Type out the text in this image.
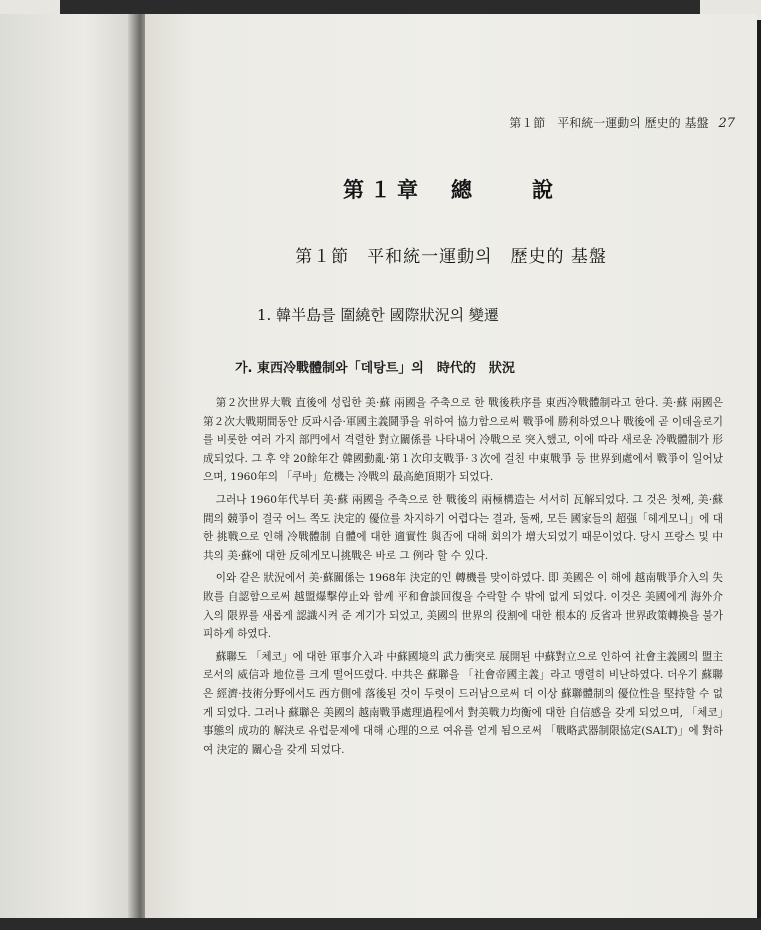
第１節　平和統一運動의 歷史的 基盤 27
第１章　總　　說
第１節　平和統一運動의　歷史的 基盤
1. 韓半島를 圍繞한 國際狀況의 變遷
가. 東西冷戰體制와「데탕트」의　時代的　狀況

第２次世界大戰 直後에 성립한 美·蘇 兩國을 주축으로 한 戰後秩序를 東西冷戰體制라고 한다. 美·蘇 兩國은 第２次大戰期間동안 反파시즘·軍國主義鬪爭을 위하여 協力함으로써 戰爭에 勝利하였으나 戰後에 곧 이데올로기를 비롯한 여러 가지 部門에서 격렬한 對立關係를 나타내어 冷戰으로 突入했고, 이에 따라 새로운 冷戰體制가 形成되었다. 그 후 약 20餘年간 韓國動亂·第１次印支戰爭·３次에 걸친 中東戰爭 등 世界到處에서 戰爭이 일어났으며, 1960年의 「쿠바」危機는 冷戰의 最高絶頂期가 되었다.

그러나 1960年代부터 美·蘇 兩國을 주축으로 한 戰後의 兩極構造는 서서히 瓦解되었다. 그 것은 첫째, 美·蘇間의 競爭이 결국 어느 쪽도 決定的 優位를 차지하기 어렵다는 결과, 둘째, 모든 國家들의 超强「헤게모니」에 대한 挑戰으로 인해 冷戰體制 自體에 대한 適實性 與否에 대해 회의가 增大되었기 때문이었다. 당시 프랑스 및 中共의 美·蘇에 대한 反헤게모니挑戰은 바로 그 例라 할 수 있다.

이와 같은 狀況에서 美·蘇關係는 1968年 決定的인 轉機를 맞이하였다. 即 美國은 이 해에 越南戰爭介入의 失敗를 自認함으로써 越盟爆擊停止와 함께 平和會談回復을 수락할 수 밖에 없게 되었다. 이것은 美國에게 海外介入의 限界를 새롭게 認識시켜 준 계기가 되었고, 美國의 世界의 役割에 대한 根本的 反省과 世界政策轉換을 불가피하게 하였다.

蘇聯도 「체코」에 대한 軍事介入과 中蘇國境의 武力衝突로 展開된 中蘇對立으로 인하여 社會主義國의 盟主로서의 威信과 地位를 크게 떨어뜨렸다. 中共은 蘇聯을 「社會帝國主義」라고 맹렬히 비난하였다. 더우기 蘇聯은 經濟·技術分野에서도 西方側에 落後된 것이 두렷이 드러남으로써 더 이상 蘇聯體制의 優位性을 堅持할 수 없게 되었다. 그러나 蘇聯은 美國의 越南戰爭處理過程에서 對美戰力均衡에 대한 自信感을 갖게 되었으며, 「체코」事態의 成功的 解決로 유럽문제에 대해 心理的으로 여유를 얻게 됨으로써 「戰略武器制限協定(SALT)」에 對하여 決定的 關心을 갖게 되었다.
